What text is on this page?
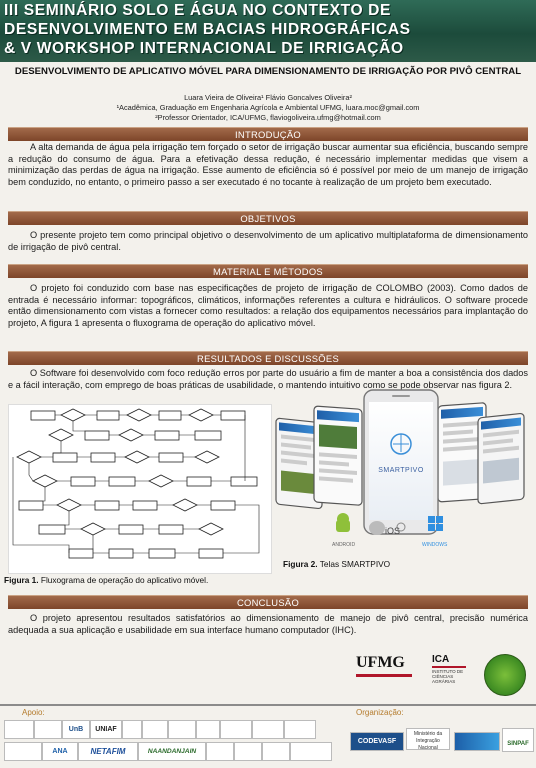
III SEMINÁRIO SOLO E ÁGUA NO CONTEXTO DE
DESENVOLVIMENTO EM BACIAS HIDROGRÁFICAS
& V WORKSHOP INTERNACIONAL DE IRRIGAÇÃO
DESENVOLVIMENTO DE APLICATIVO MÓVEL PARA DIMENSIONAMENTO DE IRRIGAÇÃO POR PIVÔ CENTRAL
Luara Vieira de Oliveira¹ Flávio Goncalves Oliveira²
¹Acadêmica, Graduação em Engenharia Agrícola e Ambiental UFMG, luara.moc@gmail.com
²Professor Orientador, ICA/UFMG, flaviogoliveira.ufmg@hotmail.com
INTRODUÇÃO

A alta demanda de água pela irrigação tem forçado o setor de irrigação buscar aumentar sua eficiência, buscando sempre a redução do consumo de água. Para a efetivação dessa redução, é necessário implementar medidas que visem a minimização das perdas de água na irrigação. Esse aumento de eficiência só é possível por meio de um manejo de irrigação bem conduzido, no entanto, o primeiro passo a ser executado é no tocante à realização de um projeto bem executado.

OBJETIVOS

O presente projeto tem como principal objetivo o desenvolvimento de um aplicativo multiplataforma de dimensionamento de irrigação de pivô central.

MATERIAL E MÉTODOS

O projeto foi conduzido com base nas especificações de projeto de irrigação de COLOMBO (2003). Como dados de entrada é necessário informar: topográficos, climáticos, informações referentes a cultura e hidráulicos. O software procede então dimensionamento com vistas a fornecer como resultados: a relação dos equipamentos necessários para implantação do projeto, A figura 1 apresenta o fluxograma de operação do aplicativo móvel.

RESULTADOS E DISCUSSÕES

O Software foi desenvolvido com foco redução erros por parte do usuário a fim de manter a boa a consistência dos dados e a fácil interação, com emprego de boas práticas de usabilidade, o mantendo intuitivo como se pode observar nas figura 2.

Figura 1. Fluxograma de operação do aplicativo móvel.
SMARTPIVO
ANDROID
iOS
WINDOWS
Figura 2. Telas SMARTPIVO
CONCLUSÃO

O projeto apresentou resultados satisfatórios ao dimensionamento de manejo de pivô central, precisão numérica adequada a sua aplicação e usabilidade em sua interface humano computador (IHC).

UFMG	ICA
INSTITUTO DE CIÊNCIAS AGRÁRIAS
Apoio:	Organização:
UnB	UNIAF
ANA	NETAFIM	NAANDANJAIN
CODEVASF
Ministério da Integração Nacional
SINPAF
